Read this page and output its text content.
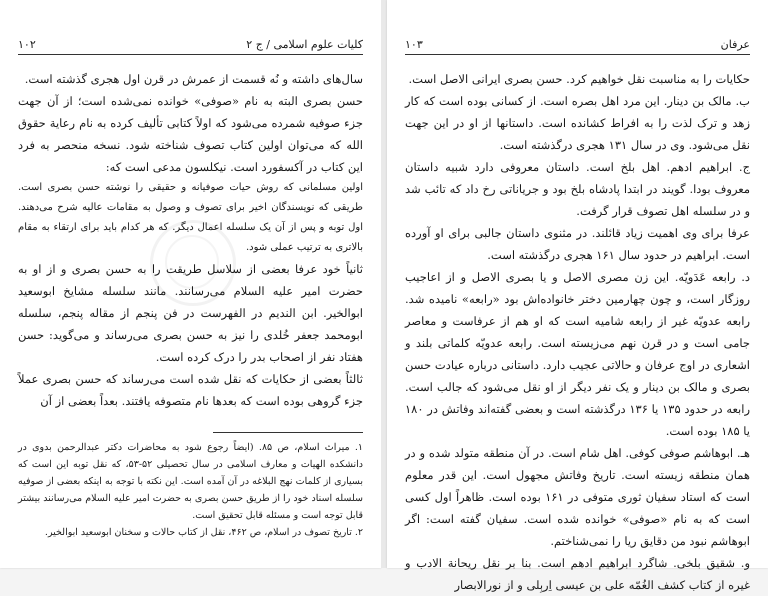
۱۰۲	کلیات علوم اسلامی / ج ۲

سال‌های داشته و نُه قسمت از عمرش در قرن اول هجری گذشته است.

حسن بصری البته به نام «صوفی» خوانده نمی‌شده است؛ از آن جهت جزء صوفیه شمرده می‌شود که اولاً کتابی تألیف کرده به نام رعایة حقوق الله که می‌توان اولین کتاب تصوف شناخته شود. نسخه منحصر به فرد این کتاب در آکسفورد است. نیکلسون مدعی است که:

اولین مسلمانی که روش حیات صوفیانه و حقیقی را نوشته حسن بصری است. طریقی که نویسندگان اخیر برای تصوف و وصول به مقامات عالیه شرح می‌دهند. اول توبه و پس از آن یک سلسله اعمال دیگر. که هر کدام باید برای ارتقاء به مقام بالاتری به ترتیب عملی شود.

ثانیاً خود عرفا بعضی از سلاسل طریقت را به حسن بصری و از او به حضرت امیر علیه السلام می‌رسانند. مانند سلسله مشایخ ابوسعید ابوالخیر. ابن الندیم در الفهرست در فن پنجم از مقاله پنجم، سلسله ابومحمد جعفر خُلدی را نیز به حسن بصری می‌رساند و می‌گوید: حسن هفتاد نفر از اصحاب بدر را درک کرده است.

ثالثاً بعضی از حکایات که نقل شده است می‌رساند که حسن بصری عملاً جزء گروهی بوده است که بعدها نام متصوفه یافتند. بعداً بعضی از آن

۱. میراث اسلام، ص ۸۵. (ایضاً رجوع شود به محاضرات دکتر عبدالرحمن بدوی در دانشکده الهیات و معارف اسلامی در سال تحصیلی ۵۲-۵۳، که نقل توبه این است که بسیاری از کلمات نهج البلاغه در آن آمده است. این نکته با توجه به اینکه بعضی از صوفیه سلسله اسناد خود را از طریق حسن بصری به حضرت امیر علیه السلام می‌رسانند بیشتر قابل توجه است و مسئله قابل تحقیق است.

۲. تاریخ تصوف در اسلام، ص ۴۶۲، نقل از کتاب حالات و سخنان ابوسعید ابوالخیر.

۱۰۳	عرفان

حکایات را به مناسبت نقل خواهیم کرد. حسن بصری ایرانی الاصل است.

ب. مالک بن دینار. این مرد اهل بصره است. از کسانی بوده است که کار زهد و ترک لذت را به افراط کشانده است. داستانها از او در این جهت نقل می‌شود. وی در سال ۱۳۱ هجری درگذشته است.

ج. ابراهیم ادهم. اهل بلخ است. داستان معروفی دارد شبیه داستان معروف بودا. گویند در ابتدا پادشاه بلخ بود و جریاناتی رخ داد که تائب شد و در سلسله اهل تصوف قرار گرفت.

عرفا برای وی اهمیت زیاد قائلند. در مثنوی داستان جالبی برای او آورده است. ابراهیم در حدود سال ۱۶۱ هجری درگذشته است.

د. رابعه عَدَویّه. این زن مصری الاصل و یا بصری الاصل و از اعاجیب روزگار است، و چون چهارمین دختر خانواده‌اش بود «رابعه» نامیده شد. رابعه عدویّه غیر از رابعه شامیه است که او هم از عرفاست و معاصر جامی است و در قرن نهم می‌زیسته است. رابعه عدویّه کلماتی بلند و اشعاری در اوج عرفان و حالاتی عجیب دارد. داستانی درباره عیادت حسن بصری و مالک بن دینار و یک نفر دیگر از او نقل می‌شود که جالب است. رابعه در حدود ۱۳۵ یا ۱۳۶ درگذشته است و بعضی گفته‌اند وفاتش در ۱۸۰ یا ۱۸۵ بوده است.

هـ. ابوهاشم صوفی کوفی. اهل شام است. در آن منطقه متولد شده و در همان منطقه زیسته است. تاریخ وفاتش مجهول است. این قدر معلوم است که استاد سفیان ثوری متوفی در ۱۶۱ بوده است. ظاهراً اول کسی است که به نام «صوفی» خوانده شده است. سفیان گفته است: اگر ابوهاشم نبود من دقایق ریا را نمی‌شناختم.

و. شقیق بلخی. شاگرد ابراهیم ادهم است. بنا بر نقل ریحانة الادب و غیره از کتاب کشف الغُمّه علی بن عیسی اِربِلی و از نورالابصار
